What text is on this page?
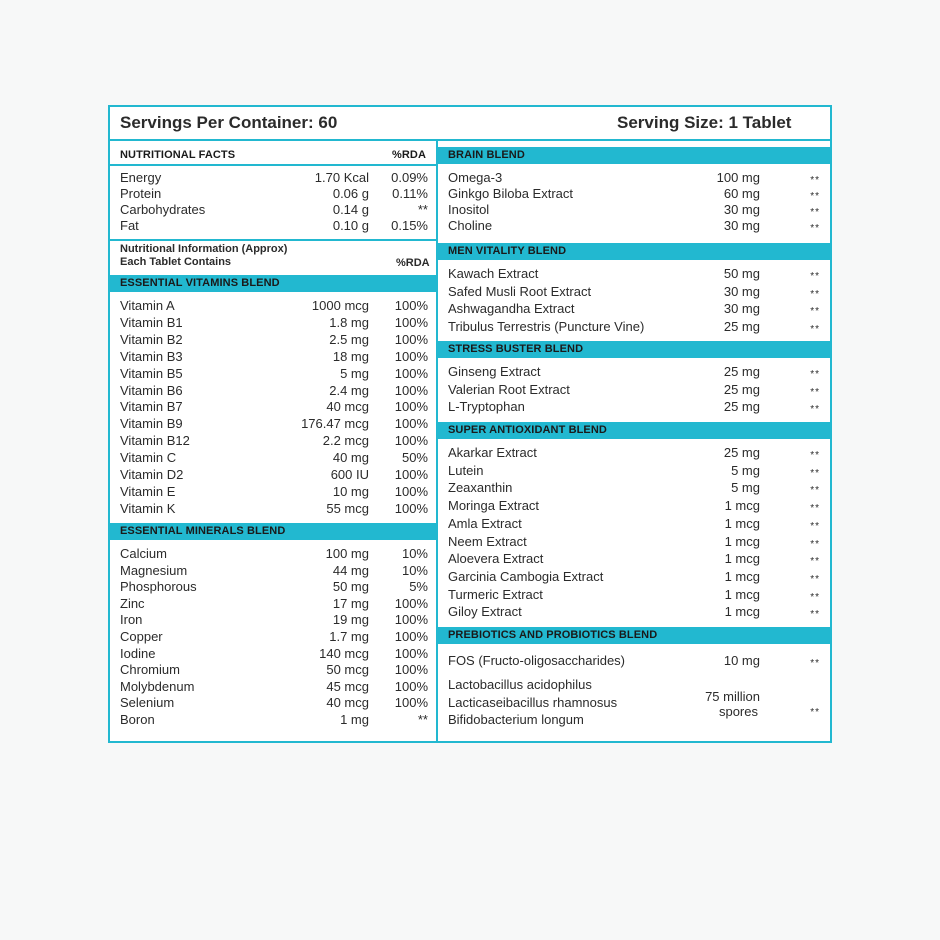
Servings Per Container: 60	Serving Size: 1 Tablet
NUTRITIONAL FACTS	%RDA
Energy	1.70 Kcal 0.09%
Protein	0.06 g 0.11%
Carbohydrates	0.14 g	**
Fat	0.10 g 0.15%
Nutritional Information (Approx)
Each Tablet Contains	%RDA
ESSENTIAL VITAMINS BLEND
Vitamin A	1000 mcg 100%
Vitamin B1	1.8 mg 100%
Vitamin B2	2.5 mg 100%
Vitamin B3	18 mg 100%
Vitamin B5	5 mg 100%
Vitamin B6	2.4 mg 100%
Vitamin B7	40 mcg 100%
Vitamin B9	176.47 mcg 100%
Vitamin B12	2.2 mcg 100%
Vitamin C	40 mg	50%
Vitamin D2	600 IU 100%
Vitamin E	10 mg 100%
Vitamin K	55 mcg 100%
ESSENTIAL MINERALS BLEND
Calcium	100 mg	10%
Magnesium	44 mg	10%
Phosphorous	50 mg	5%
Zinc	17 mg 100%
Iron	19 mg 100%
Copper	1.7 mg 100%
Iodine	140 mcg 100%
Chromium	50 mcg 100%
Molybdenum	45 mcg 100%
Selenium	40 mcg 100%
Boron	1 mg	**
BRAIN BLEND
Omega-3	100 mg	**
Ginkgo Biloba Extract	60 mg	**
Inositol	30 mg	**
Choline	30 mg	**
MEN VITALITY BLEND
Kawach Extract	50 mg	**
Safed Musli Root Extract	30 mg	**
Ashwagandha Extract	30 mg	**
Tribulus Terrestris (Puncture Vine)	25 mg	**
STRESS BUSTER BLEND
Ginseng Extract	25 mg	**
Valerian Root Extract	25 mg	**
L-Tryptophan	25 mg	**
SUPER ANTIOXIDANT BLEND
Akarkar Extract	25 mg	**
Lutein	5 mg	**
Zeaxanthin	5 mg	**
Moringa Extract	1 mcg	**
Amla Extract	1 mcg	**
Neem Extract	1 mcg	**
Aloevera Extract	1 mcg	**
Garcinia Cambogia Extract	1 mcg	**
Turmeric Extract	1 mcg	**
Giloy Extract	1 mcg	**
PREBIOTICS AND PROBIOTICS BLEND
FOS (Fructo-oligosaccharides)	10 mg	**
Lactobacillus acidophilus
Lacticaseibacillus rhamnosus
Bifidobacterium longum
75 million
spores	**
